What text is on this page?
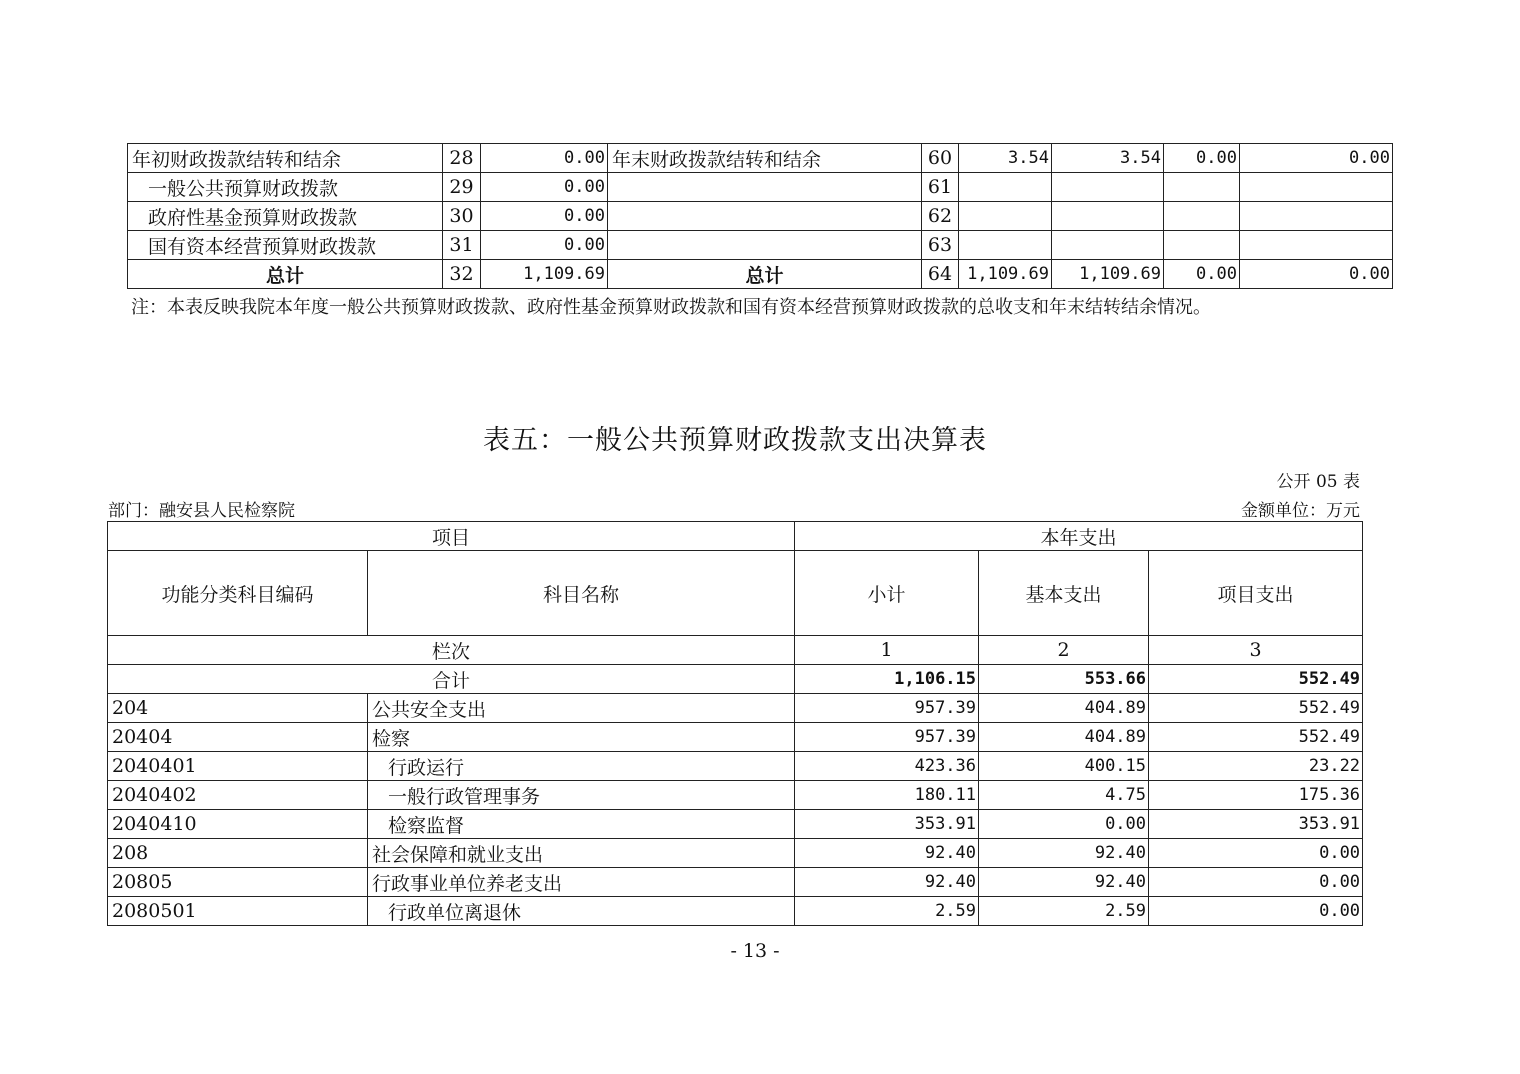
年初财政拨款结转和结余	28	0.00	年末财政拨款结转和结余	60	3.54	3.54	0.00	0.00
一般公共预算财政拨款	29	0.00		61				
政府性基金预算财政拨款	30	0.00		62				
国有资本经营预算财政拨款	31	0.00		63				
总计	32	1,109.69	总计	64	1,109.69	1,109.69	0.00	0.00
注：本表反映我院本年度一般公共预算财政拨款、政府性基金预算财政拨款和国有资本经营预算财政拨款的总收支和年末结转结余情况。
表五：一般公共预算财政拨款支出决算表
公开 05 表
部门：融安县人民检察院	金额单位：万元
项目		本年支出		
功能分类科目编码	科目名称	小计	基本支出	项目支出
栏次		1	2	3
合计		1,106.15	553.66	552.49
204	公共安全支出	957.39	404.89	552.49
20404	检察	957.39	404.89	552.49
2040401	行政运行	423.36	400.15	23.22
2040402	一般行政管理事务	180.11	4.75	175.36
2040410	检察监督	353.91	0.00	353.91
208	社会保障和就业支出	92.40	92.40	0.00
20805	行政事业单位养老支出	92.40	92.40	0.00
2080501	行政单位离退休	2.59	2.59	0.00
- 13 -
